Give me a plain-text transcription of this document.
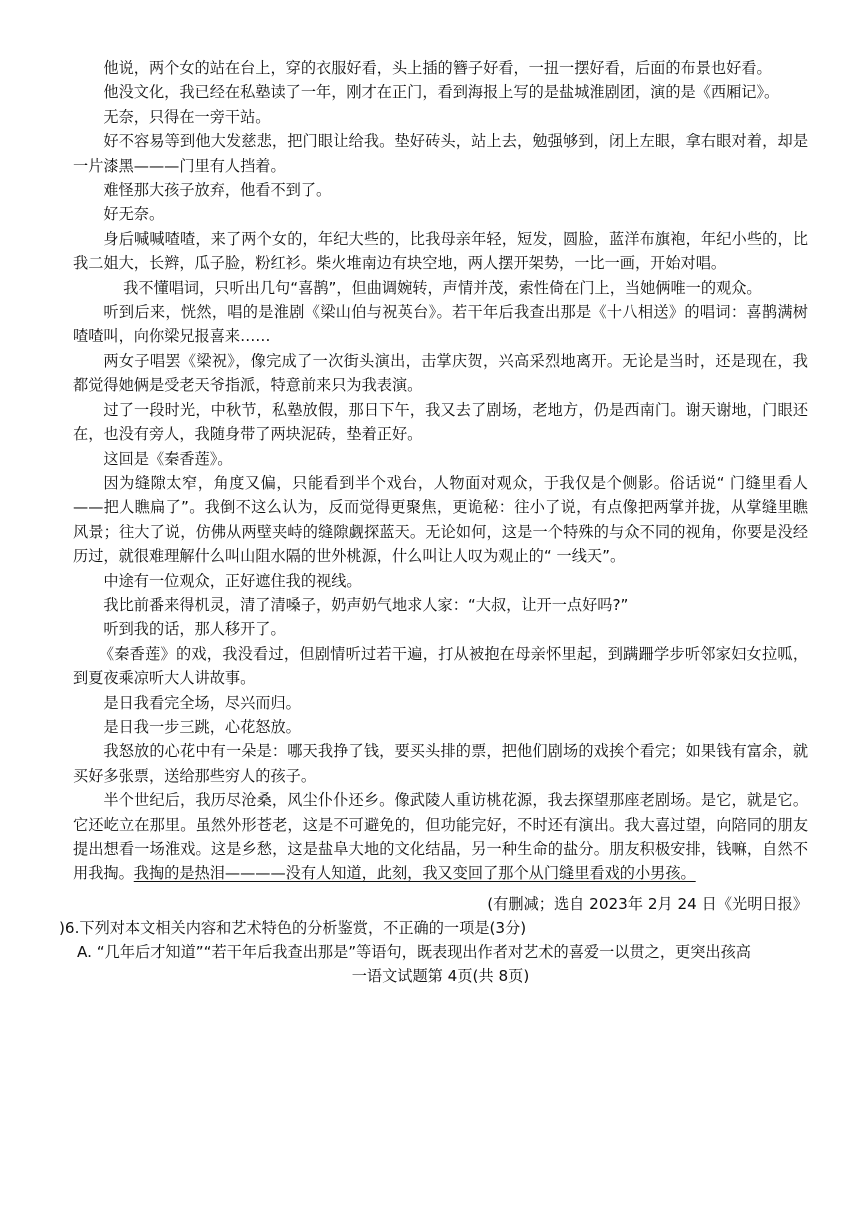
他说，两个女的站在台上，穿的衣服好看，头上插的簪子好看，一扭一摆好看，后面的布景也好看。

他没文化，我已经在私塾读了一年，刚才在正门，看到海报上写的是盐城淮剧团，演的是《西厢记》。

无奈，只得在一旁干站。

好不容易等到他大发慈悲，把门眼让给我。垫好砖头，站上去，勉强够到，闭上左眼，拿右眼对着，却是一片漆黑———门里有人挡着。

难怪那大孩子放弃，他看不到了。

好无奈。

身后喊喊喳喳，来了两个女的，年纪大些的，比我母亲年轻，短发，圆脸，蓝洋布旗袍，年纪小些的，比我二姐大，长辫，瓜子脸，粉红衫。柴火堆南边有块空地，两人摆开架势，一比一画，开始对唱。

我不懂唱词，只听出几句“喜鹊”，但曲调婉转，声情并茂，索性倚在门上，当她俩唯一的观众。

听到后来，恍然，唱的是淮剧《梁山伯与祝英台》。若干年后我查出那是《十八相送》的唱词：喜鹊满树喳喳叫，向你梁兄报喜来……

两女子唱罢《梁祝》，像完成了一次街头演出，击掌庆贺，兴高采烈地离开。无论是当时，还是现在，我都觉得她俩是受老天爷指派，特意前来只为我表演。

过了一段时光，中秋节，私塾放假，那日下午，我又去了剧场，老地方，仍是西南门。谢天谢地，门眼还在，也没有旁人，我随身带了两块泥砖，垫着正好。

这回是《秦香莲》。

因为缝隙太窄，角度又偏，只能看到半个戏台，人物面对观众，于我仅是个侧影。俗话说“ 门缝里看人——把人瞧扁了”。我倒不这么认为，反而觉得更聚焦，更诡秘：往小了说，有点像把两掌并拢，从掌缝里瞧风景；往大了说，仿佛从两壁夹峙的缝隙觑探蓝天。无论如何，这是一个特殊的与众不同的视角，你要是没经历过，就很难理解什么叫山阻水隔的世外桃源，什么叫让人叹为观止的“ 一线天”。

中途有一位观众，正好遮住我的视线。

我比前番来得机灵，清了清嗓子，奶声奶气地求人家：“大叔，让开一点好吗?”

听到我的话，那人移开了。

《秦香莲》的戏，我没看过，但剧情听过若干遍，打从被抱在母亲怀里起，到蹒跚学步听邻家妇女拉呱，到夏夜乘凉听大人讲故事。

是日我看完全场，尽兴而归。

是日我一步三跳，心花怒放。

我怒放的心花中有一朵是：哪天我挣了钱，要买头排的票，把他们剧场的戏挨个看完；如果钱有富余，就买好多张票，送给那些穷人的孩子。

半个世纪后，我历尽沧桑，风尘仆仆还乡。像武陵人重访桃花源，我去探望那座老剧场。是它，就是它。它还屹立在那里。虽然外形苍老，这是不可避免的，但功能完好，不时还有演出。我大喜过望，向陪同的朋友提出想看一场淮戏。这是乡愁，这是盐阜大地的文化结晶，另一种生命的盐分。朋友积极安排，钱嘛，自然不用我掏。我掏的是热泪————没有人知道，此刻，我又变回了那个从门缝里看戏的小男孩。

(有删减；选自 2023年 2月 24 日《光明日报》

)6.下列对本文相关内容和艺术特色的分析鉴赏，不正确的一项是(3分)

A. “几年后才知道”“若干年后我查出那是”等语句，既表现出作者对艺术的喜爱一以贯之，更突出孩高

一语文试题第 4页(共 8页)
